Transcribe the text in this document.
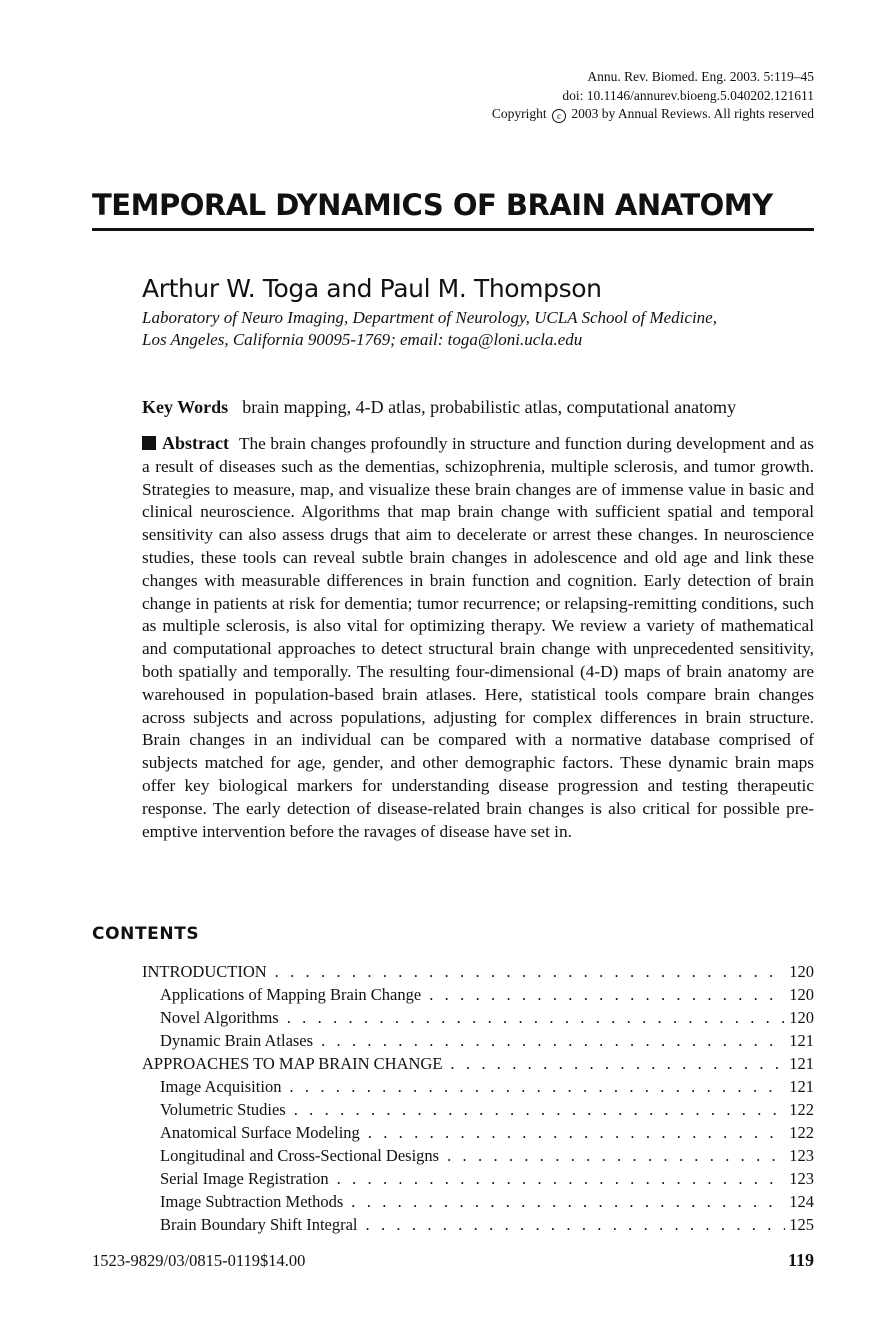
Annu. Rev. Biomed. Eng. 2003. 5:119–45
doi: 10.1146/annurev.bioeng.5.040202.121611
Copyright c 2003 by Annual Reviews. All rights reserved
TEMPORAL DYNAMICS OF BRAIN ANATOMY
Arthur W. Toga and Paul M. Thompson
Laboratory of Neuro Imaging, Department of Neurology, UCLA School of Medicine,
Los Angeles, California 90095-1769; email: toga@loni.ucla.edu
Key Words brain mapping, 4-D atlas, probabilistic atlas, computational anatomy

Abstract The brain changes profoundly in structure and function during development and as a result of diseases such as the dementias, schizophrenia, multiple sclerosis, and tumor growth. Strategies to measure, map, and visualize these brain changes are of immense value in basic and clinical neuroscience. Algorithms that map brain change with sufficient spatial and temporal sensitivity can also assess drugs that aim to decelerate or arrest these changes. In neuroscience studies, these tools can reveal subtle brain changes in adolescence and old age and link these changes with measurable differences in brain function and cognition. Early detection of brain change in patients at risk for dementia; tumor recurrence; or relapsing-remitting conditions, such as multiple sclerosis, is also vital for optimizing therapy. We review a variety of mathematical and computational approaches to detect structural brain change with unprecedented sensitivity, both spatially and temporally. The resulting four-dimensional (4-D) maps of brain anatomy are warehoused in population-based brain atlases. Here, statistical tools compare brain changes across subjects and across populations, adjusting for complex differences in brain structure. Brain changes in an individual can be compared with a normative database comprised of subjects matched for age, gender, and other demographic factors. These dynamic brain maps offer key biological markers for understanding disease progression and testing therapeutic response. The early detection of disease-related brain changes is also critical for possible pre-emptive intervention before the ravages of disease have set in.

CONTENTS
INTRODUCTION . . .	120
Applications of Mapping Brain Change . . .	120
Novel Algorithms . . .	120
Dynamic Brain Atlases . . .	121
APPROACHES TO MAP BRAIN CHANGE . . .	121
Image Acquisition . . .	121
Volumetric Studies . . .	122
Anatomical Surface Modeling . . .	122
Longitudinal and Cross-Sectional Designs . . .	123
Serial Image Registration . . .	123
Image Subtraction Methods . . .	124
Brain Boundary Shift Integral . . .	125
1523-9829/03/0815-0119$14.00	119
